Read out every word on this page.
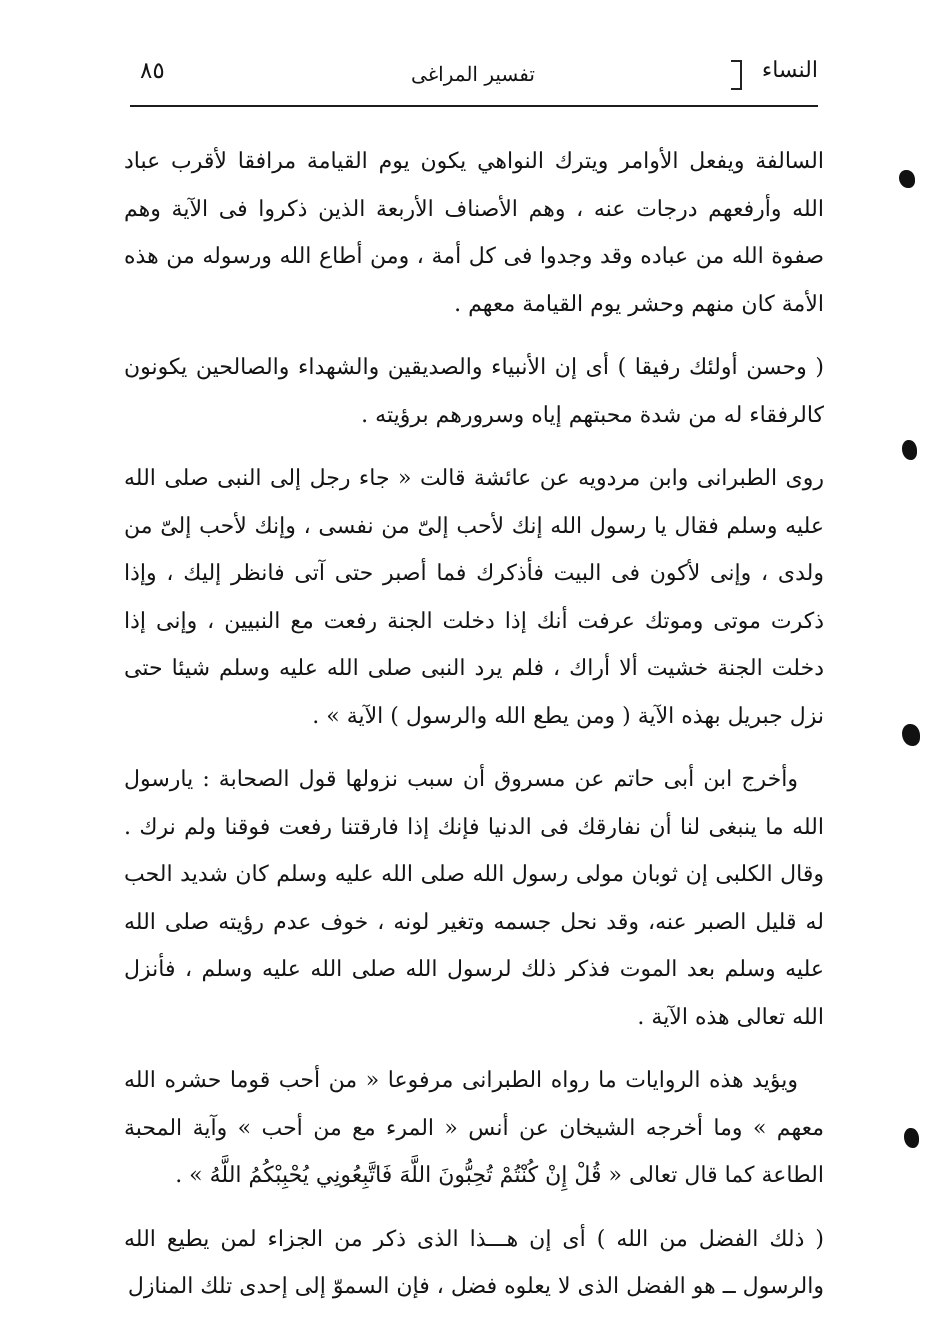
٨٥	تفسير المراغى	النساء

السالفة ويفعل الأوامر ويترك النواهي يكون يوم القيامة مرافقا لأقرب عباد الله وأرفعهم درجات عنه ، وهم الأصناف الأربعة الذين ذكروا فى الآية وهم صفوة الله من عباده وقد وجدوا فى كل أمة ، ومن أطاع الله ورسوله من هذه الأمة كان منهم وحشر يوم القيامة معهم .

( وحسن أولئك رفيقا ) أى إن الأنبياء والصديقين والشهداء والصالحين يكونون كالرفقاء له من شدة محبتهم إياه وسرورهم برؤيته .

روى الطبرانى وابن مردويه عن عائشة قالت « جاء رجل إلى النبى صلى الله عليه وسلم فقال يا رسول الله إنك لأحب إلىّ من نفسى ، وإنك لأحب إلىّ من ولدى ، وإنى لأكون فى البيت فأذكرك فما أصبر حتى آتى فانظر إليك ، وإذا ذكرت موتى وموتك عرفت أنك إذا دخلت الجنة رفعت مع النبيين ، وإنى إذا دخلت الجنة خشيت ألا أراك ، فلم يرد النبى صلى الله عليه وسلم شيئا حتى نزل جبريل بهذه الآية ( ومن يطع الله والرسول ) الآية » .

وأخرج ابن أبى حاتم عن مسروق أن سبب نزولها قول الصحابة : يارسول الله ما ينبغى لنا أن نفارقك فى الدنيا فإنك إذا فارقتنا رفعت فوقنا ولم نرك . وقال الكلبى إن ثوبان مولى رسول الله صلى الله عليه وسلم كان شديد الحب له قليل الصبر عنه، وقد نحل جسمه وتغير لونه ، خوف عدم رؤيته صلى الله عليه وسلم بعد الموت فذكر ذلك لرسول الله صلى الله عليه وسلم ، فأنزل الله تعالى هذه الآية .

ويؤيد هذه الروايات ما رواه الطبرانى مرفوعا « من أحب قوما حشره الله معهم » وما أخرجه الشيخان عن أنس « المرء مع من أحب » وآية المحبة الطاعة كما قال تعالى « قُلْ إِنْ كُنْتُمْ تُحِبُّونَ اللَّهَ فَاتَّبِعُونِي يُحْبِبْكُمُ اللَّهُ » .

( ذلك الفضل من الله ) أى إن هـــذا الذى ذكر من الجزاء لمن يطيع الله والرسول ــ هو الفضل الذى لا يعلوه فضل ، فإن السموّ إلى إحدى تلك المنازل
